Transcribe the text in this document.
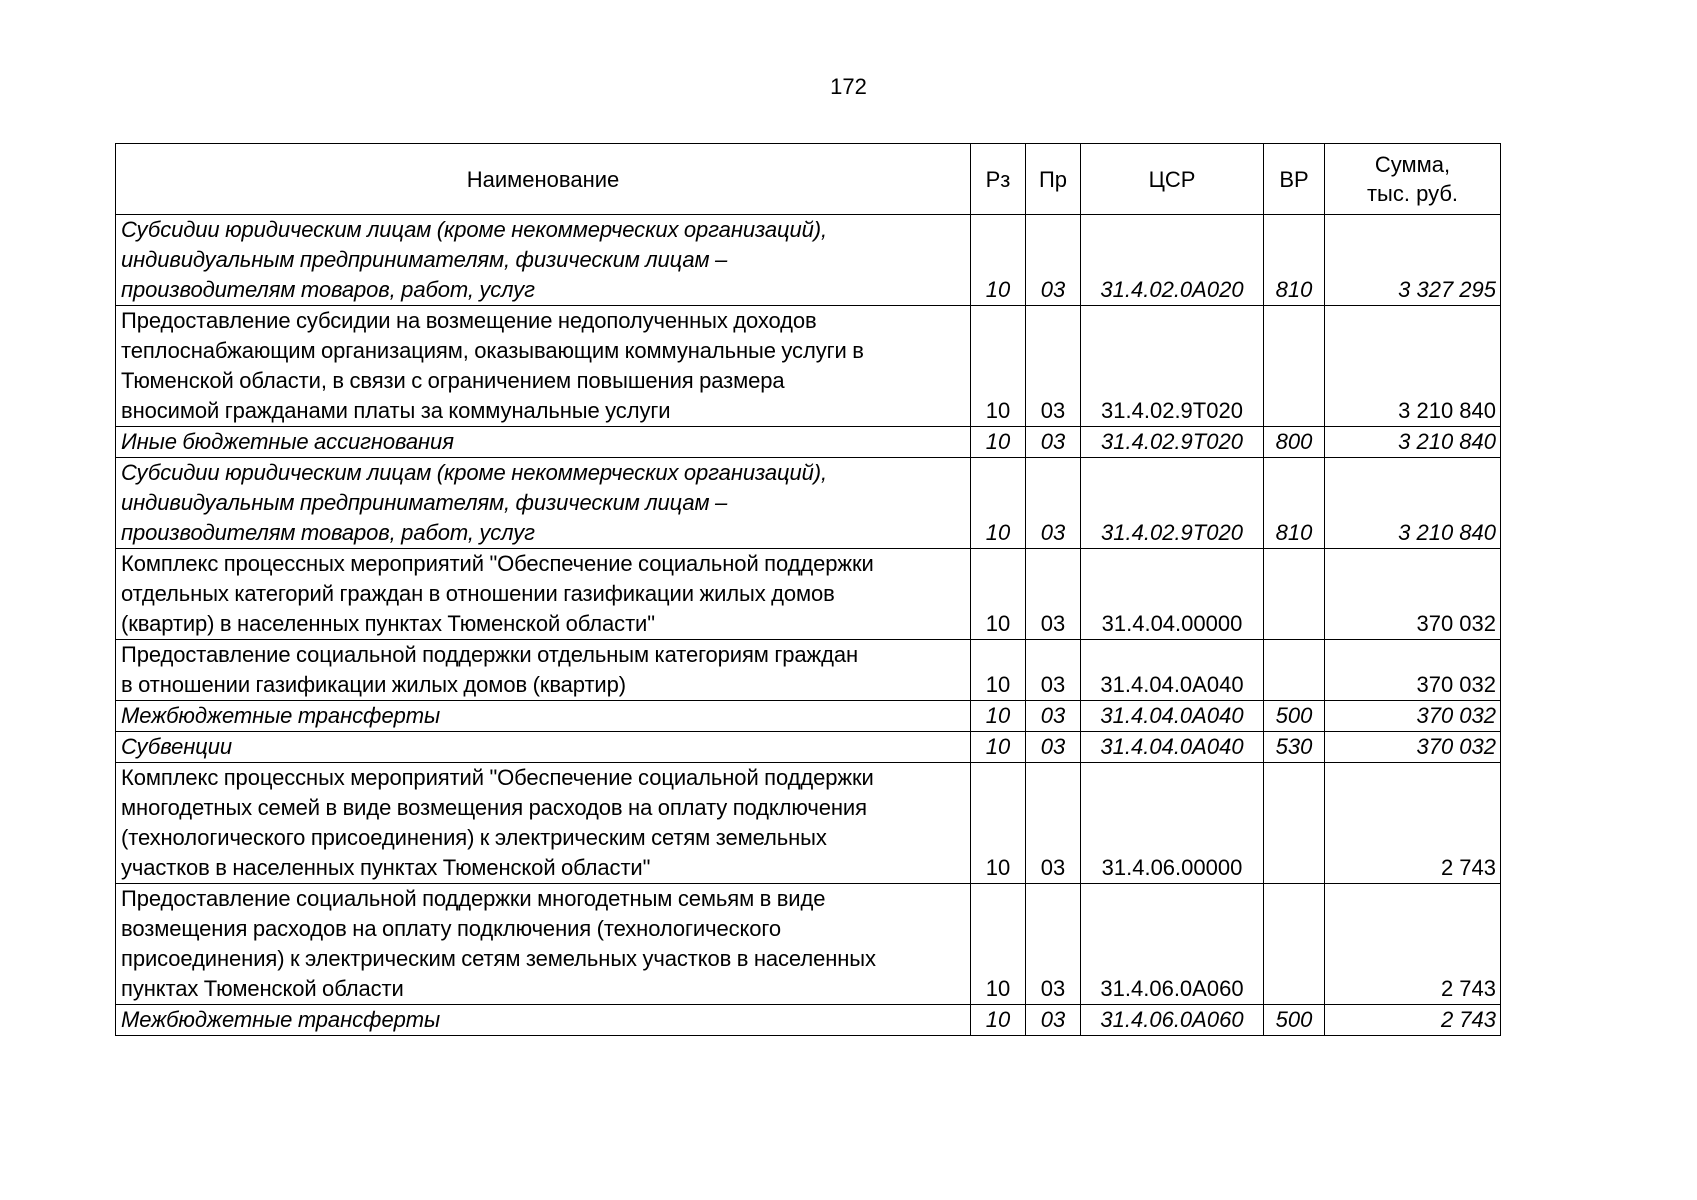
172
Наименование	Рз	Пр	ЦСР	ВР	Сумма,
тыс. руб.
Субсидии юридическим лицам (кроме некоммерческих организаций),
индивидуальным предпринимателям, физическим лицам –
производителям товаров, работ, услуг	10	03	31.4.02.0А020	810	3 327 295
Предоставление субсидии на возмещение недополученных доходов
теплоснабжающим организациям, оказывающим коммунальные услуги в
Тюменской области, в связи с ограничением повышения размера
вносимой гражданами платы за коммунальные услуги	10	03	31.4.02.9Т020		3 210 840
Иные бюджетные ассигнования	10	03	31.4.02.9Т020	800	3 210 840
Субсидии юридическим лицам (кроме некоммерческих организаций),
индивидуальным предпринимателям, физическим лицам –
производителям товаров, работ, услуг	10	03	31.4.02.9Т020	810	3 210 840
Комплекс процессных мероприятий "Обеспечение социальной поддержки
отдельных категорий граждан в отношении газификации жилых домов
(квартир) в населенных пунктах Тюменской области"	10	03	31.4.04.00000		370 032
Предоставление социальной поддержки отдельным категориям граждан
в отношении газификации жилых домов (квартир)	10	03	31.4.04.0А040		370 032
Межбюджетные трансферты	10	03	31.4.04.0А040	500	370 032
Субвенции	10	03	31.4.04.0А040	530	370 032
Комплекс процессных мероприятий "Обеспечение социальной поддержки
многодетных семей в виде возмещения расходов на оплату подключения
(технологического присоединения) к электрическим сетям земельных
участков в населенных пунктах Тюменской области"	10	03	31.4.06.00000		2 743
Предоставление социальной поддержки многодетным семьям в виде
возмещения расходов на оплату подключения (технологического
присоединения) к электрическим сетям земельных участков в населенных
пунктах Тюменской области	10	03	31.4.06.0А060		2 743
Межбюджетные трансферты	10	03	31.4.06.0А060	500	2 743
